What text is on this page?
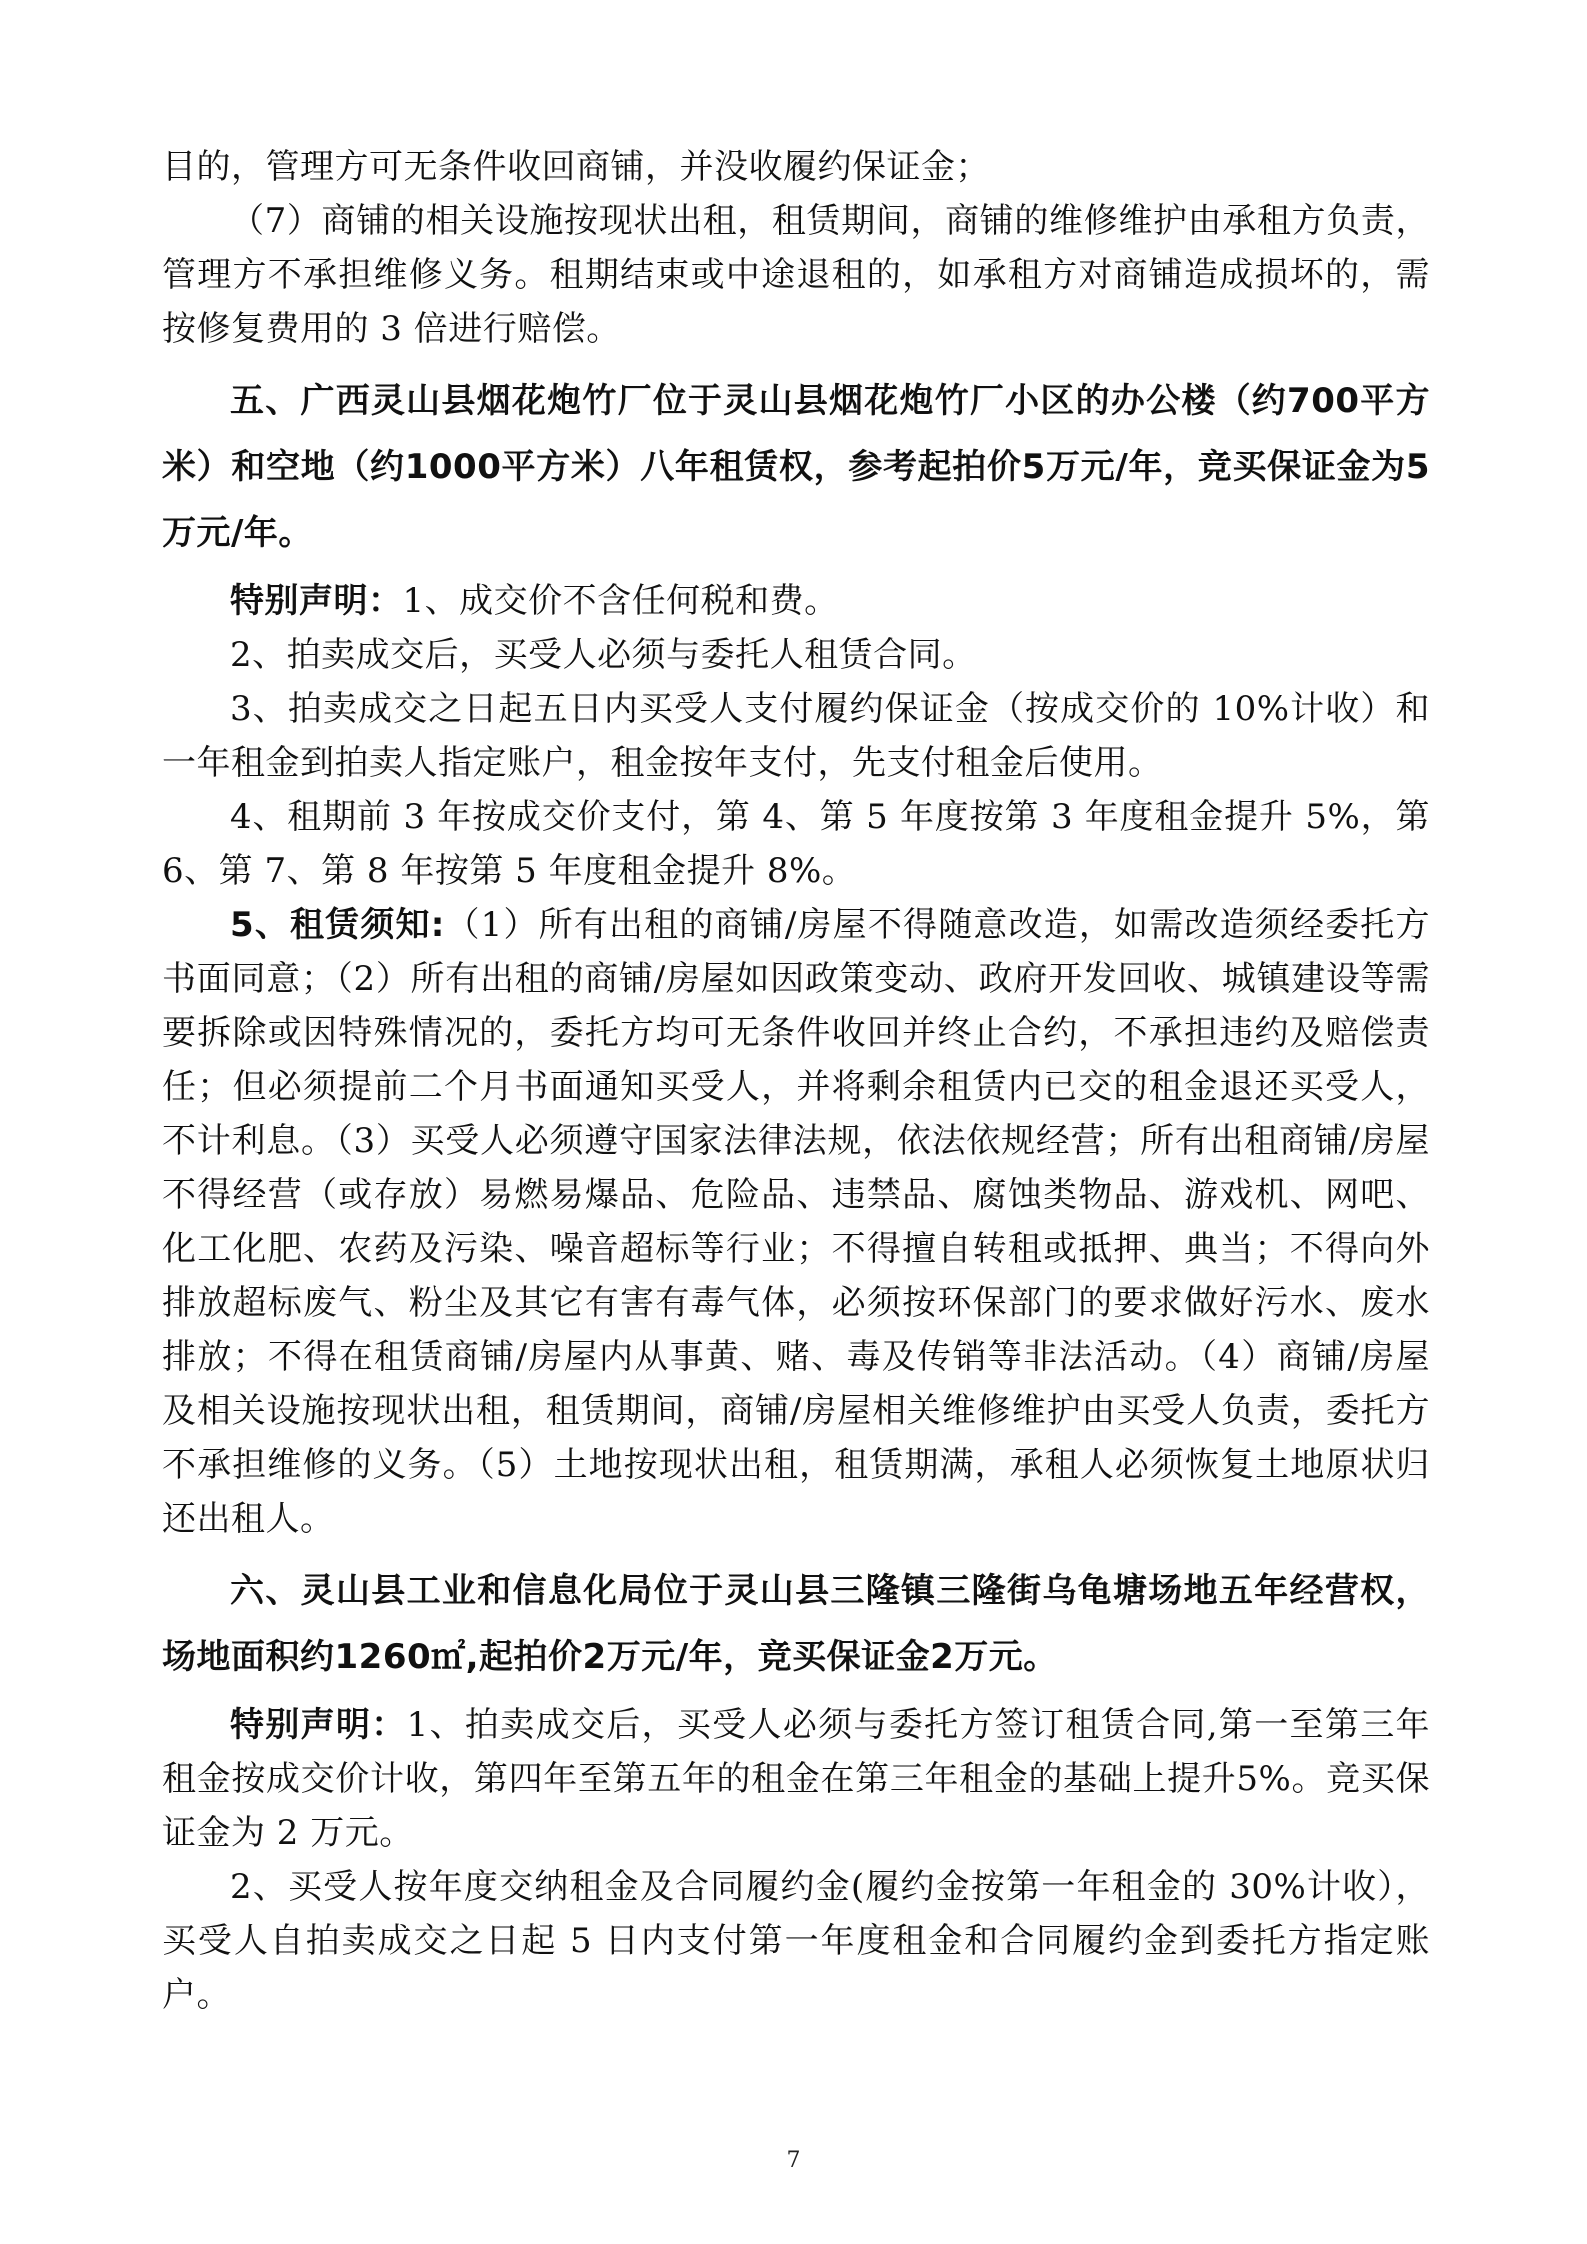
目的，管理方可无条件收回商铺，并没收履约保证金；

（7）商铺的相关设施按现状出租，租赁期间，商铺的维修维护由承租方负责，管理方不承担维修义务。租期结束或中途退租的，如承租方对商铺造成损坏的，需按修复费用的 3 倍进行赔偿。

五、广西灵山县烟花炮竹厂位于灵山县烟花炮竹厂小区的办公楼（约700平方米）和空地（约1000平方米）八年租赁权，参考起拍价5万元/年，竞买保证金为5万元/年。

特别声明：1、成交价不含任何税和费。

2、拍卖成交后，买受人必须与委托人租赁合同。

3、拍卖成交之日起五日内买受人支付履约保证金（按成交价的 10%计收）和一年租金到拍卖人指定账户，租金按年支付，先支付租金后使用。

4、租期前 3 年按成交价支付，第 4、第 5 年度按第 3 年度租金提升 5%，第 6、第 7、第 8 年按第 5 年度租金提升 8%。

5、租赁须知:（1）所有出租的商铺/房屋不得随意改造，如需改造须经委托方书面同意；（2）所有出租的商铺/房屋如因政策变动、政府开发回收、城镇建设等需要拆除或因特殊情况的，委托方均可无条件收回并终止合约，不承担违约及赔偿责任；但必须提前二个月书面通知买受人，并将剩余租赁内已交的租金退还买受人，不计利息。（3）买受人必须遵守国家法律法规，依法依规经营；所有出租商铺/房屋不得经营（或存放）易燃易爆品、危险品、违禁品、腐蚀类物品、游戏机、网吧、化工化肥、农药及污染、噪音超标等行业；不得擅自转租或抵押、典当；不得向外排放超标废气、粉尘及其它有害有毒气体，必须按环保部门的要求做好污水、废水排放；不得在租赁商铺/房屋内从事黄、赌、毒及传销等非法活动。（4）商铺/房屋及相关设施按现状出租，租赁期间，商铺/房屋相关维修维护由买受人负责，委托方不承担维修的义务。（5）土地按现状出租，租赁期满，承租人必须恢复土地原状归还出租人。

六、灵山县工业和信息化局位于灵山县三隆镇三隆街乌龟塘场地五年经营权，场地面积约1260㎡,起拍价2万元/年，竞买保证金2万元。

特别声明：1、拍卖成交后，买受人必须与委托方签订租赁合同,第一至第三年租金按成交价计收，第四年至第五年的租金在第三年租金的基础上提升5%。竞买保证金为 2 万元。

2、买受人按年度交纳租金及合同履约金(履约金按第一年租金的 30%计收），买受人自拍卖成交之日起 5 日内支付第一年度租金和合同履约金到委托方指定账户。

7
